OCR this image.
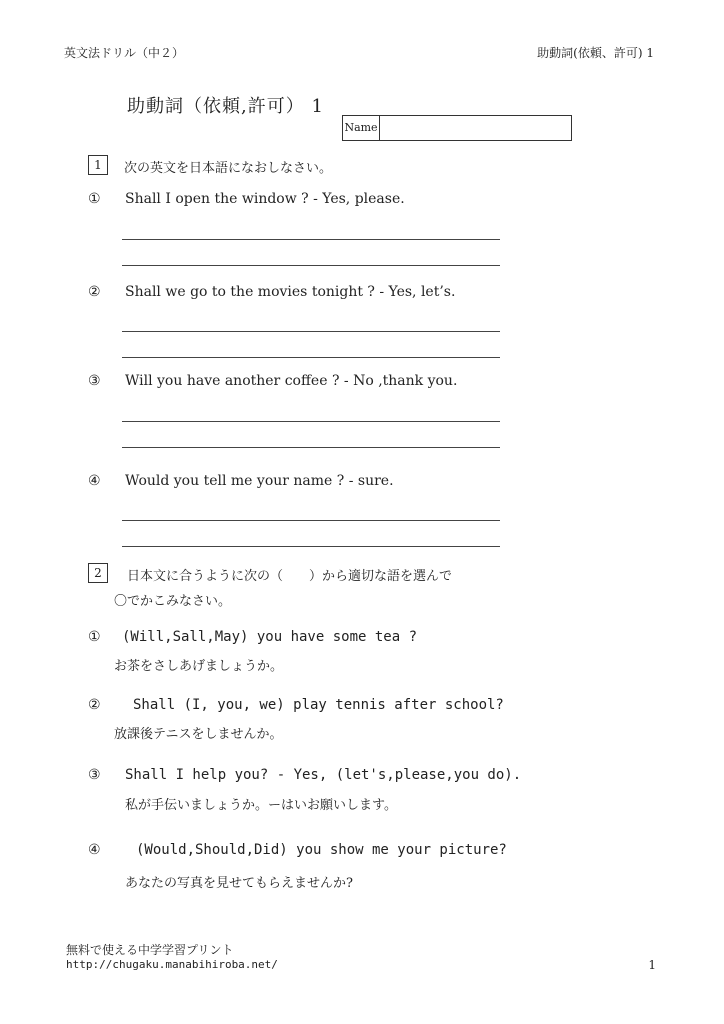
英文法ドリル（中２）	助動詞(依頼、許可) 1
助動詞（依頼,許可） 1
Name
1	次の英文を日本語になおしなさい。
① Shall I open the window ? - Yes, please.
② Shall we go to the movies tonight ? - Yes, let’s.
③ Will you have another coffee ? - No ,thank you.
④ Would you tell me your name ? - sure.
2	日本文に合うように次の（　　）から適切な語を選んで
〇でかこみなさい。
① (Will,Sall,May) you have some tea ?
お茶をさしあげましょうか。
② Shall (I, you, we) play tennis after school?
放課後テニスをしませんか。
③ Shall I help you? - Yes, (let's,please,you do).
私が手伝いましょうか。ーはいお願いします。
④	(Would,Should,Did) you show me your picture?
あなたの写真を見せてもらえませんか?
無料で使える中学学習プリント
http://chugaku.manabihiroba.net/	1
